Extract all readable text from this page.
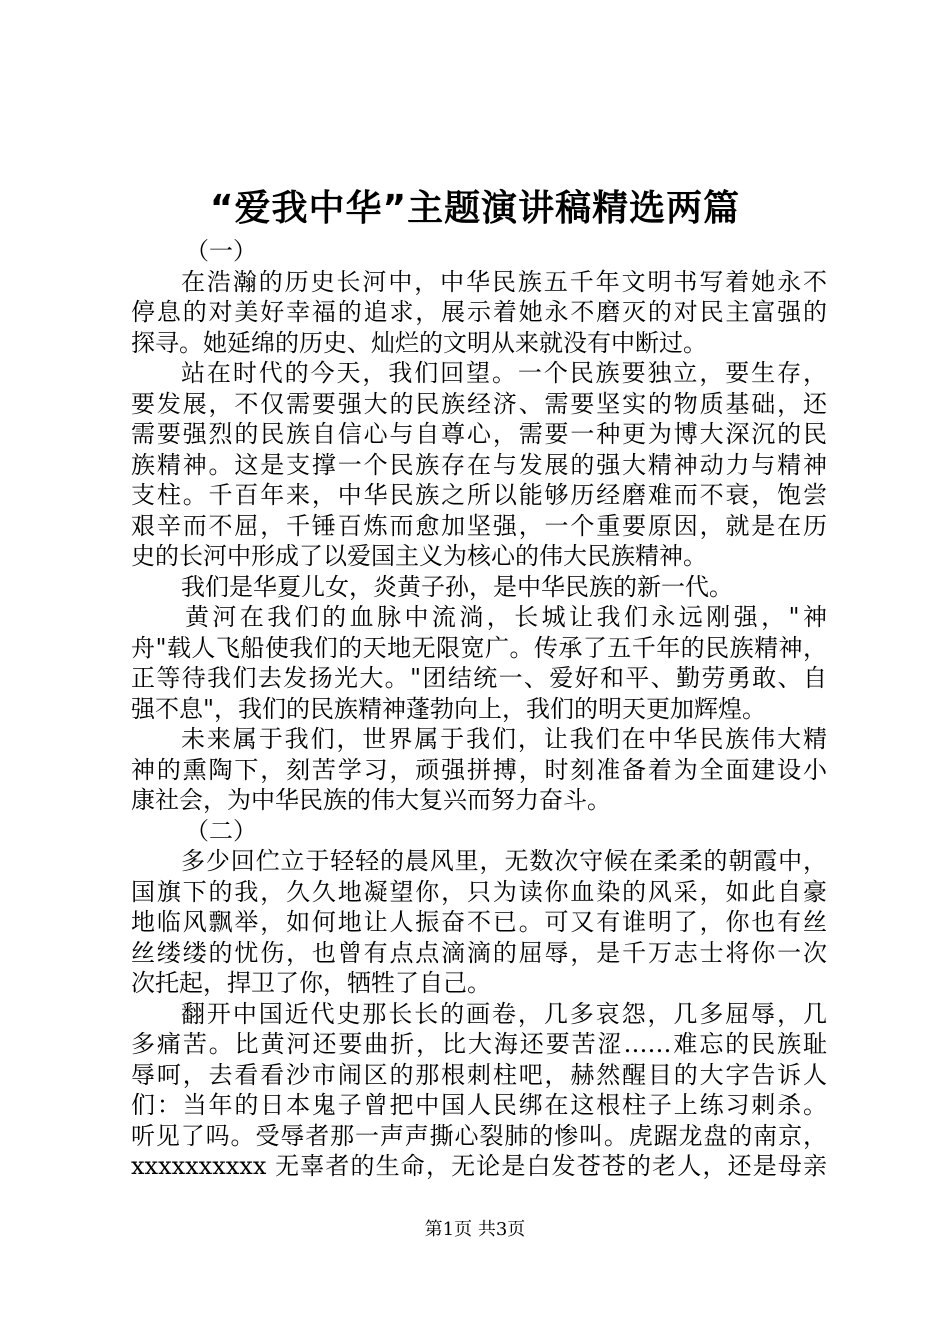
“爱我中华”主题演讲稿精选两篇
（一）
在浩瀚的历史长河中，中华民族五千年文明书写着她永不
停息的对美好幸福的追求，展示着她永不磨灭的对民主富强的
探寻。她延绵的历史、灿烂的文明从来就没有中断过。
站在时代的今天，我们回望。一个民族要独立，要生存，
要发展，不仅需要强大的民族经济、需要坚实的物质基础，还
需要强烈的民族自信心与自尊心，需要一种更为博大深沉的民
族精神。这是支撑一个民族存在与发展的强大精神动力与精神
支柱。千百年来，中华民族之所以能够历经磨难而不衰，饱尝
艰辛而不屈，千锤百炼而愈加坚强，一个重要原因，就是在历
史的长河中形成了以爱国主义为核心的伟大民族精神。
我们是华夏儿女，炎黄子孙，是中华民族的新一代。
黄河在我们的血脉中流淌，长城让我们永远刚强，"神
舟"载人飞船使我们的天地无限宽广。传承了五千年的民族精神，
正等待我们去发扬光大。"团结统一、爱好和平、勤劳勇敢、自
强不息"，我们的民族精神蓬勃向上，我们的明天更加辉煌。
未来属于我们，世界属于我们，让我们在中华民族伟大精
神的熏陶下，刻苦学习，顽强拼搏，时刻准备着为全面建设小
康社会，为中华民族的伟大复兴而努力奋斗。
（二）
多少回伫立于轻轻的晨风里，无数次守候在柔柔的朝霞中，
国旗下的我，久久地凝望你，只为读你血染的风采，如此自豪
地临风飘举，如何地让人振奋不已。可又有谁明了，你也有丝
丝缕缕的忧伤，也曾有点点滴滴的屈辱，是千万志士将你一次
次托起，捍卫了你，牺牲了自己。
翻开中国近代史那长长的画卷，几多哀怨，几多屈辱，几
多痛苦。比黄河还要曲折，比大海还要苦涩……难忘的民族耻
辱呵，去看看沙市闹区的那根刺柱吧，赫然醒目的大字告诉人
们：当年的日本鬼子曾把中国人民绑在这根柱子上练习刺杀。
听见了吗。受辱者那一声声撕心裂肺的惨叫。虎踞龙盘的南京，
xxxxxxxxxx 无辜者的生命，无论是白发苍苍的老人，还是母亲
第1页 共3页
